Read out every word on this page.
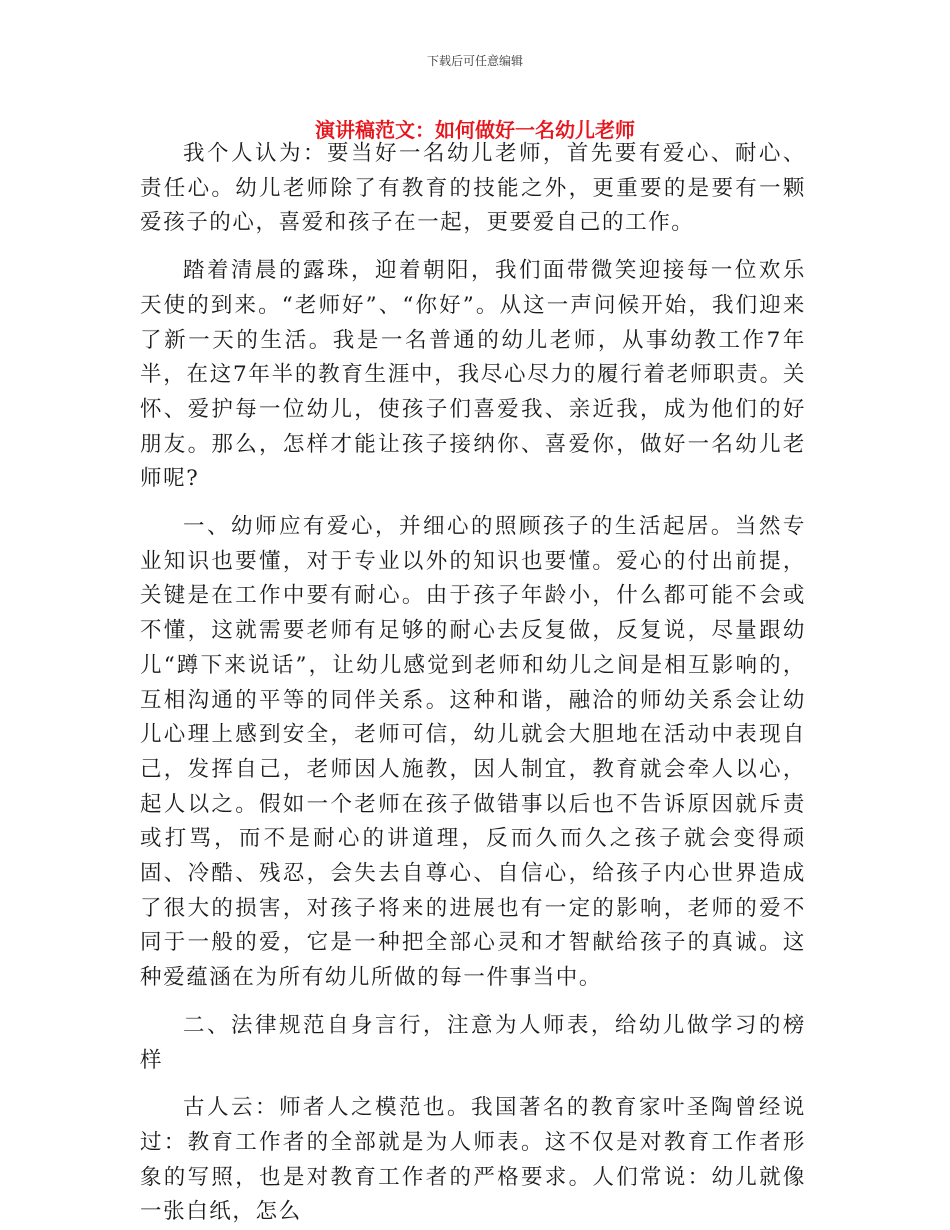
下载后可任意编辑
演讲稿范文：如何做好一名幼儿老师

我个人认为：要当好一名幼儿老师，首先要有爱心、耐心、责任心。幼儿老师除了有教育的技能之外，更重要的是要有一颗爱孩子的心，喜爱和孩子在一起，更要爱自己的工作。

踏着清晨的露珠，迎着朝阳，我们面带微笑迎接每一位欢乐天使的到来。“老师好”、“你好”。从这一声问候开始，我们迎来了新一天的生活。我是一名普通的幼儿老师，从事幼教工作7年半，在这7年半的教育生涯中，我尽心尽力的履行着老师职责。关怀、爱护每一位幼儿，使孩子们喜爱我、亲近我，成为他们的好朋友。那么，怎样才能让孩子接纳你、喜爱你，做好一名幼儿老师呢?

一、幼师应有爱心，并细心的照顾孩子的生活起居。当然专业知识也要懂，对于专业以外的知识也要懂。爱心的付出前提，关键是在工作中要有耐心。由于孩子年龄小，什么都可能不会或不懂，这就需要老师有足够的耐心去反复做，反复说，尽量跟幼儿“蹲下来说话”，让幼儿感觉到老师和幼儿之间是相互影响的，互相沟通的平等的同伴关系。这种和谐，融洽的师幼关系会让幼儿心理上感到安全，老师可信，幼儿就会大胆地在活动中表现自己，发挥自己，老师因人施教，因人制宜，教育就会牵人以心，起人以之。假如一个老师在孩子做错事以后也不告诉原因就斥责或打骂，而不是耐心的讲道理，反而久而久之孩子就会变得顽固、冷酷、残忍，会失去自尊心、自信心，给孩子内心世界造成了很大的损害，对孩子将来的进展也有一定的影响，老师的爱不同于一般的爱，它是一种把全部心灵和才智献给孩子的真诚。这种爱蕴涵在为所有幼儿所做的每一件事当中。

二、法律规范自身言行，注意为人师表，给幼儿做学习的榜样

古人云：师者人之模范也。我国著名的教育家叶圣陶曾经说过：教育工作者的全部就是为人师表。这不仅是对教育工作者形象的写照，也是对教育工作者的严格要求。人们常说：幼儿就像一张白纸，怎么
